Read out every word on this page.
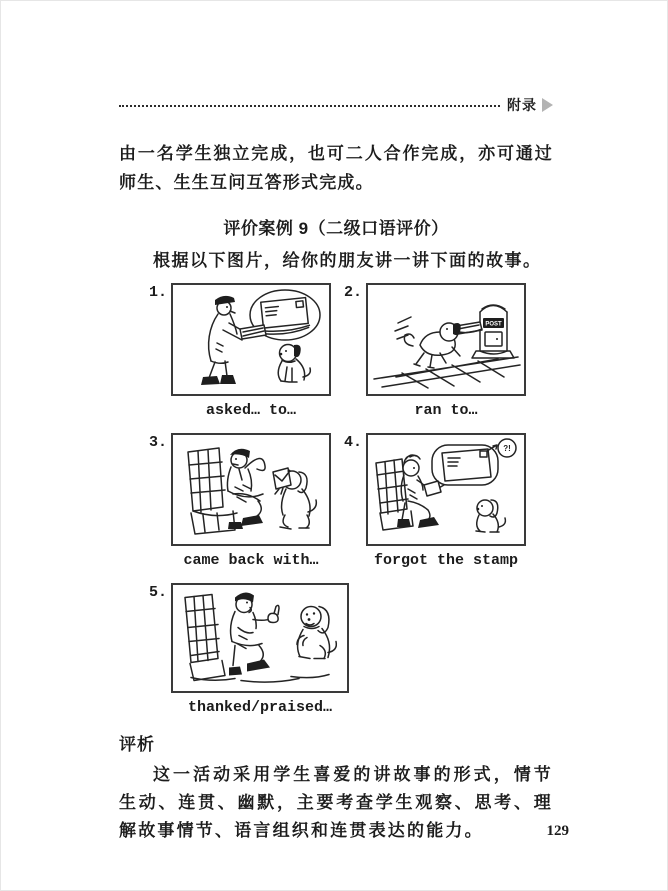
附录

由一名学生独立完成，也可二人合作完成，亦可通过师生、生生互问互答形式完成。

评价案例 9（二级口语评价）
根据以下图片，给你的朋友讲一讲下面的故事。
1.
asked… to…
2.
POST
ran to…
3.
came back with…
4.	?!
forgot the stamp
5.
thanked/praised…
评析

这一活动采用学生喜爱的讲故事的形式，情节生动、连贯、幽默，主要考查学生观察、思考、理解故事情节、语言组织和连贯表达的能力。	129
